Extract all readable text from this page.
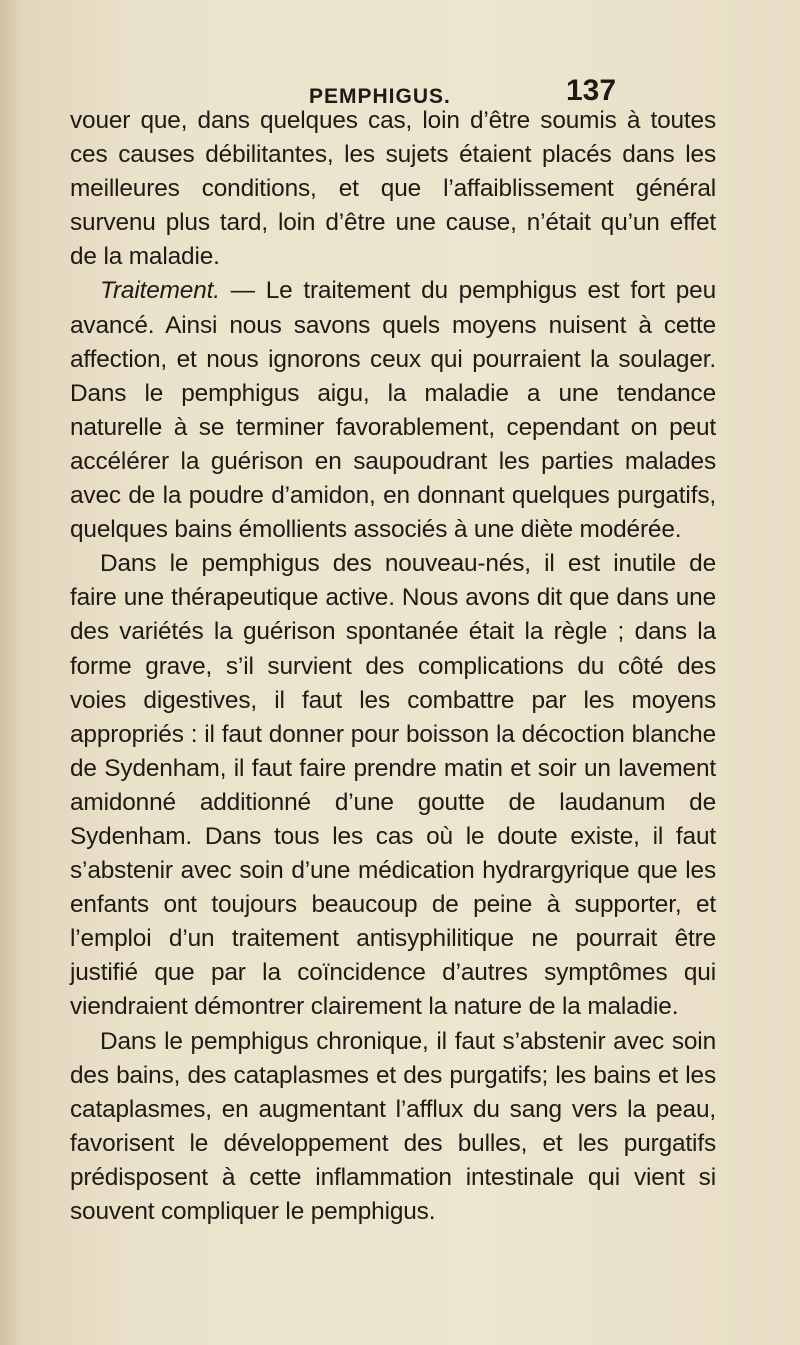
PEMPHIGUS.	137

vouer que, dans quelques cas, loin d’être soumis à toutes ces causes débilitantes, les sujets étaient placés dans les meilleures conditions, et que l’affaiblissement général survenu plus tard, loin d’être une cause, n’était qu’un effet de la maladie.

Traitement. — Le traitement du pemphigus est fort peu avancé. Ainsi nous savons quels moyens nuisent à cette affection, et nous ignorons ceux qui pourraient la soulager. Dans le pemphigus aigu, la maladie a une tendance naturelle à se terminer favorablement, cependant on peut accélérer la guérison en saupoudrant les parties malades avec de la poudre d’amidon, en donnant quelques purgatifs, quelques bains émollients associés à une diète modérée.

Dans le pemphigus des nouveau-nés, il est inutile de faire une thérapeutique active. Nous avons dit que dans une des variétés la guérison spontanée était la règle ; dans la forme grave, s’il survient des complications du côté des voies digestives, il faut les combattre par les moyens appropriés : il faut donner pour boisson la décoction blanche de Sydenham, il faut faire prendre matin et soir un lavement amidonné additionné d’une goutte de laudanum de Sydenham. Dans tous les cas où le doute existe, il faut s’abstenir avec soin d’une médication hydrargyrique que les enfants ont toujours beaucoup de peine à supporter, et l’emploi d’un traitement antisyphilitique ne pourrait être justifié que par la coïncidence d’autres symptômes qui viendraient démontrer clairement la nature de la maladie.

Dans le pemphigus chronique, il faut s’abstenir avec soin des bains, des cataplasmes et des purgatifs; les bains et les cataplasmes, en augmentant l’afflux du sang vers la peau, favorisent le développement des bulles, et les purgatifs prédisposent à cette inflammation intestinale qui vient si souvent compliquer le pemphigus.
